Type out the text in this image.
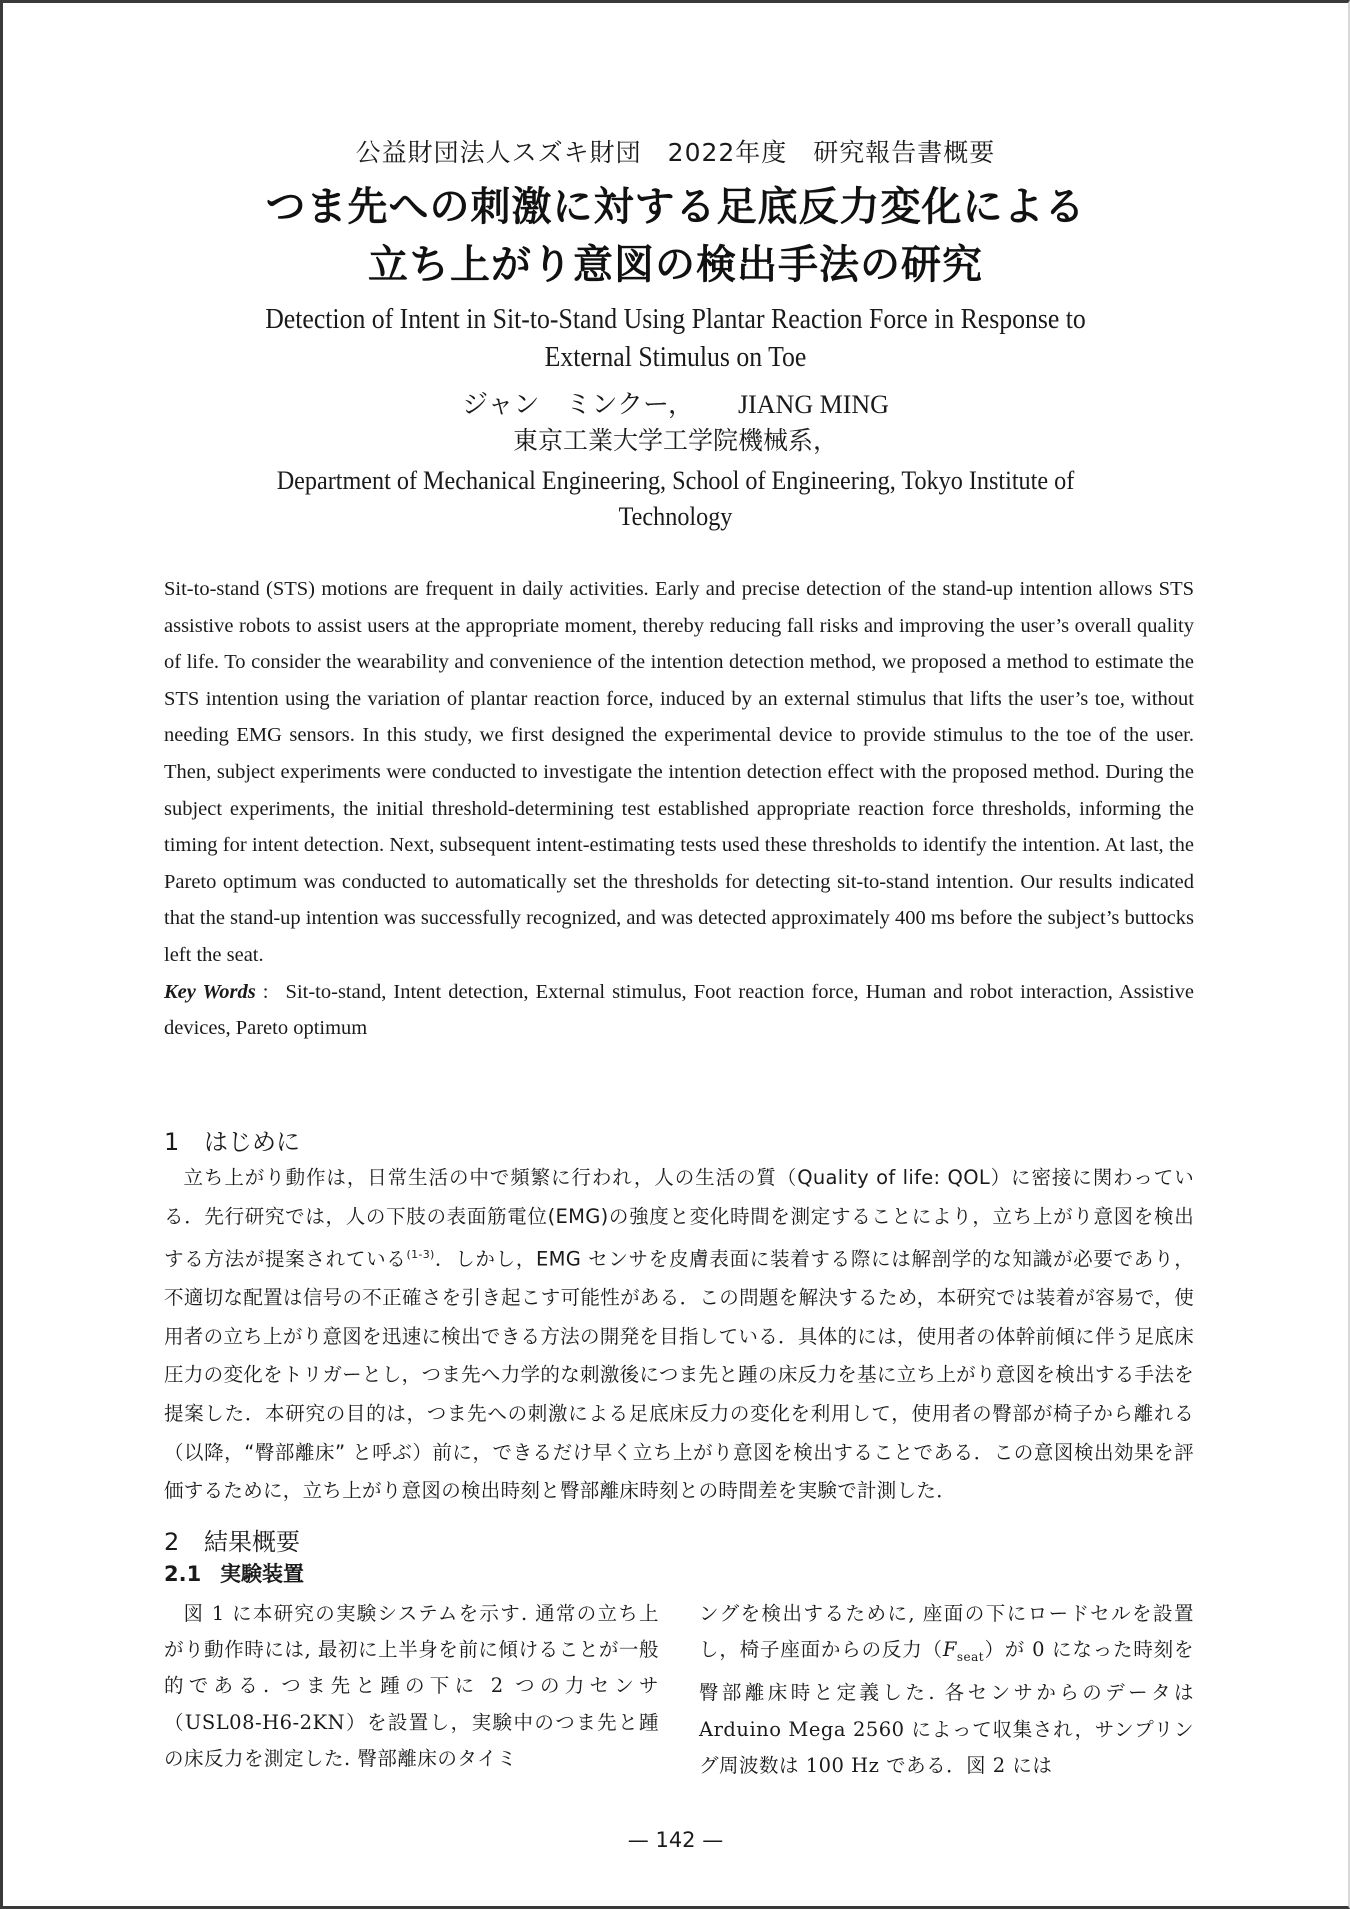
公益財団法人スズキ財団　2022年度　研究報告書概要
つま先への刺激に対する足底反力変化による
立ち上がり意図の検出手法の研究
Detection of Intent in Sit-to-Stand Using Plantar Reaction Force in Response to
External Stimulus on Toe
ジャン　ミンクー， JIANG MING
東京工業大学工学院機械系，
Department of Mechanical Engineering, School of Engineering, Tokyo Institute of
Technology

Sit-to-stand (STS) motions are frequent in daily activities. Early and precise detection of the stand-up intention allows STS assistive robots to assist users at the appropriate moment, thereby reducing fall risks and improving the user’s overall quality of life. To consider the wearability and convenience of the intention detection method, we proposed a method to estimate the STS intention using the variation of plantar reaction force, induced by an external stimulus that lifts the user’s toe, without needing EMG sensors. In this study, we first designed the experimental device to provide stimulus to the toe of the user. Then, subject experiments were conducted to investigate the intention detection effect with the proposed method. During the subject experiments, the initial threshold-determining test established appropriate reaction force thresholds, informing the timing for intent detection. Next, subsequent intent-estimating tests used these thresholds to identify the intention. At last, the Pareto optimum was conducted to automatically set the thresholds for detecting sit-to-stand intention. Our results indicated that the stand-up intention was successfully recognized, and was detected approximately 400 ms before the subject’s buttocks left the seat.

Key Words : Sit-to-stand, Intent detection, External stimulus, Foot reaction force, Human and robot interaction, Assistive devices, Pareto optimum

1 はじめに

立ち上がり動作は，日常生活の中で頻繁に行われ，人の生活の質（Quality of life: QOL）に密接に関わっている．先行研究では，人の下肢の表面筋電位(EMG)の強度と変化時間を測定することにより，立ち上がり意図を検出する方法が提案されている$^{(1-3)}$．しかし，EMG センサを皮膚表面に装着する際には解剖学的な知識が必要であり，不適切な配置は信号の不正確さを引き起こす可能性がある．この問題を解決するため，本研究では装着が容易で，使用者の立ち上がり意図を迅速に検出できる方法の開発を目指している．具体的には，使用者の体幹前傾に伴う足底床圧力の変化をトリガーとし，つま先へ力学的な刺激後につま先と踵の床反力を基に立ち上がり意図を検出する手法を提案した．本研究の目的は，つま先への刺激による足底床反力の変化を利用して，使用者の臀部が椅子から離れる（以降，“臀部離床” と呼ぶ）前に，できるだけ早く立ち上がり意図を検出することである．この意図検出効果を評価するために，立ち上がり意図の検出時刻と臀部離床時刻との時間差を実験で計測した．

2 結果概要
2.1 実験装置

図 1 に本研究の実験システムを示す. 通常の立ち上がり動作時には, 最初に上半身を前に傾けることが一般的である. つま先と踵の下に 2 つの力センサ（USL08-H6-2KN）を設置し，実験中のつま先と踵の床反力を測定した. 臀部離床のタイミ

ングを検出するために, 座面の下にロードセルを設置し，椅子座面からの反力$(F_{seat})$が 0 になった時刻を臀部離床時と定義した. 各センサからのデータは Arduino Mega 2560 によって収集され，サンプリング周波数は 100 Hz である．図 2 には

— 142 —
